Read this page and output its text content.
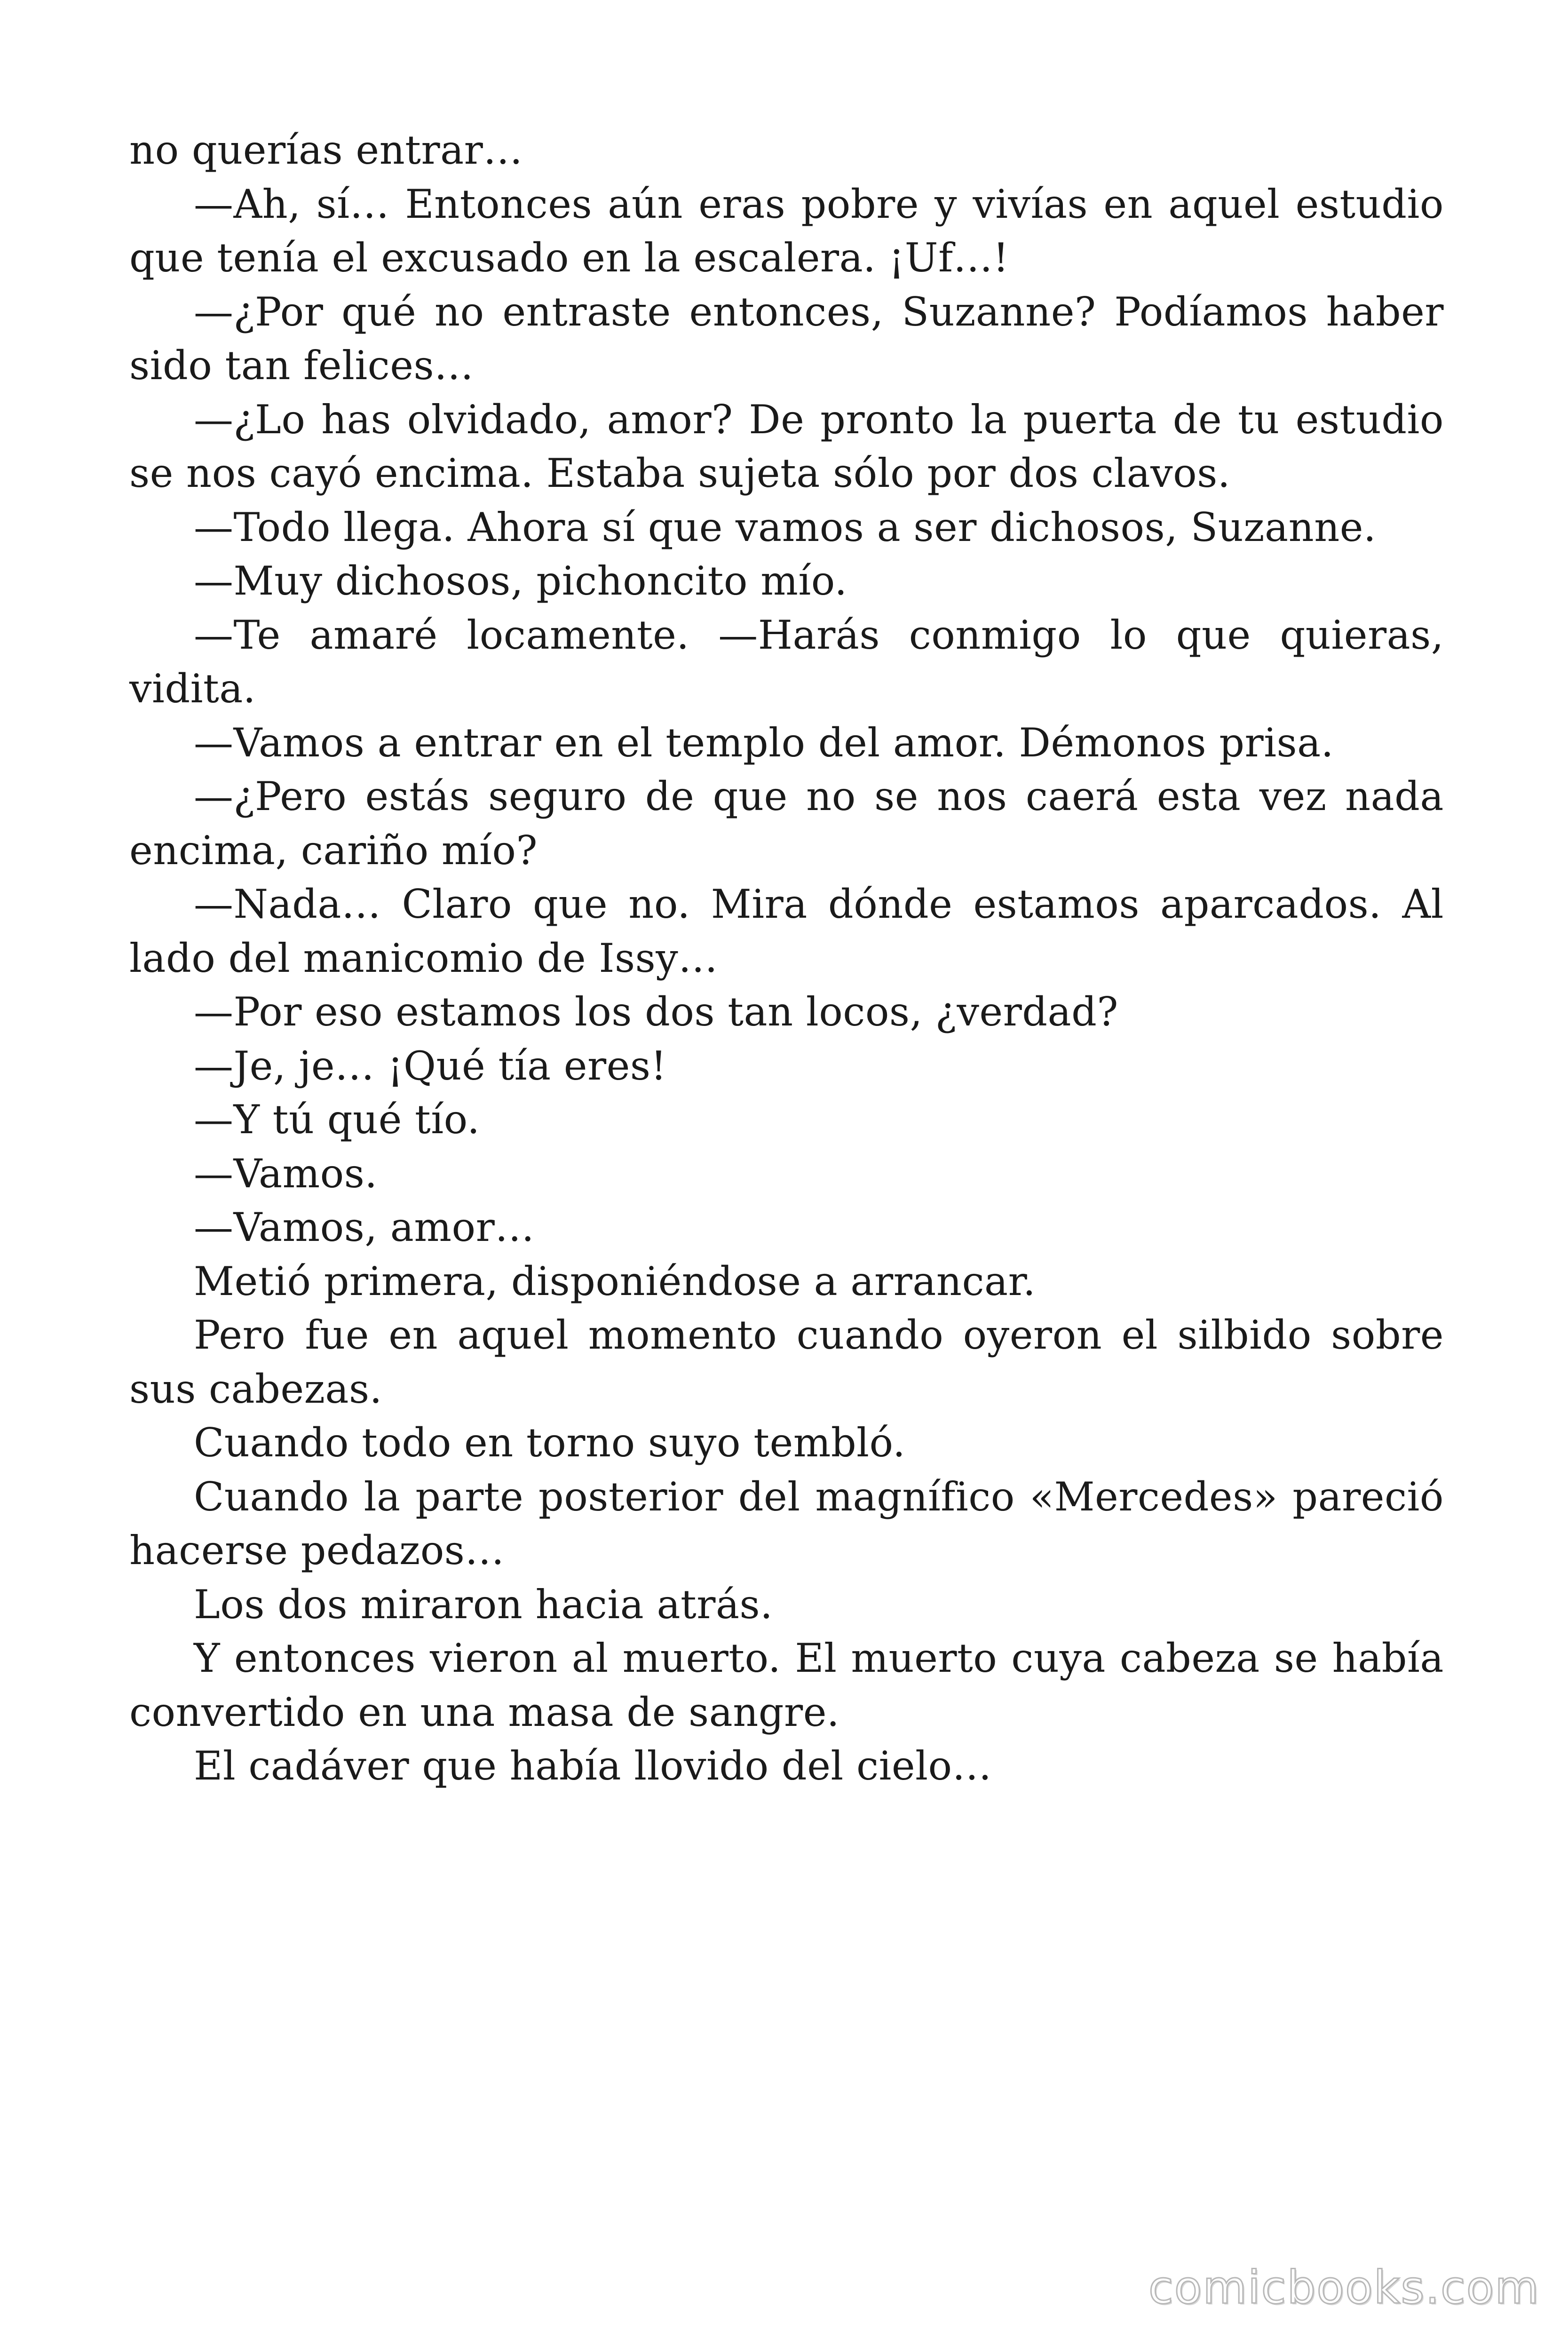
no querías entrar…

—Ah, sí… Entonces aún eras pobre y vivías en aquel estudio que tenía el excusado en la escalera. ¡Uf…!

—¿Por qué no entraste entonces, Suzanne? Podíamos haber sido tan felices…

—¿Lo has olvidado, amor? De pronto la puerta de tu estudio se nos cayó encima. Estaba sujeta sólo por dos clavos.

—Todo llega. Ahora sí que vamos a ser dichosos, Suzanne.

—Muy dichosos, pichoncito mío.

—Te amaré locamente. —Harás conmigo lo que quieras, vidita.

—Vamos a entrar en el templo del amor. Démonos prisa.

—¿Pero estás seguro de que no se nos caerá esta vez nada encima, cariño mío?

—Nada… Claro que no. Mira dónde estamos aparcados. Al lado del manicomio de Issy…

—Por eso estamos los dos tan locos, ¿verdad?

—Je, je… ¡Qué tía eres!

—Y tú qué tío.

—Vamos.

—Vamos, amor…

Metió primera, disponiéndose a arrancar.

Pero fue en aquel momento cuando oyeron el silbido sobre sus cabezas.

Cuando todo en torno suyo tembló.

Cuando la parte posterior del magnífico «Mercedes» pareció hacerse pedazos…

Los dos miraron hacia atrás.

Y entonces vieron al muerto. El muerto cuya cabeza se había convertido en una masa de sangre.

El cadáver que había llovido del cielo…

comicbooks.com
